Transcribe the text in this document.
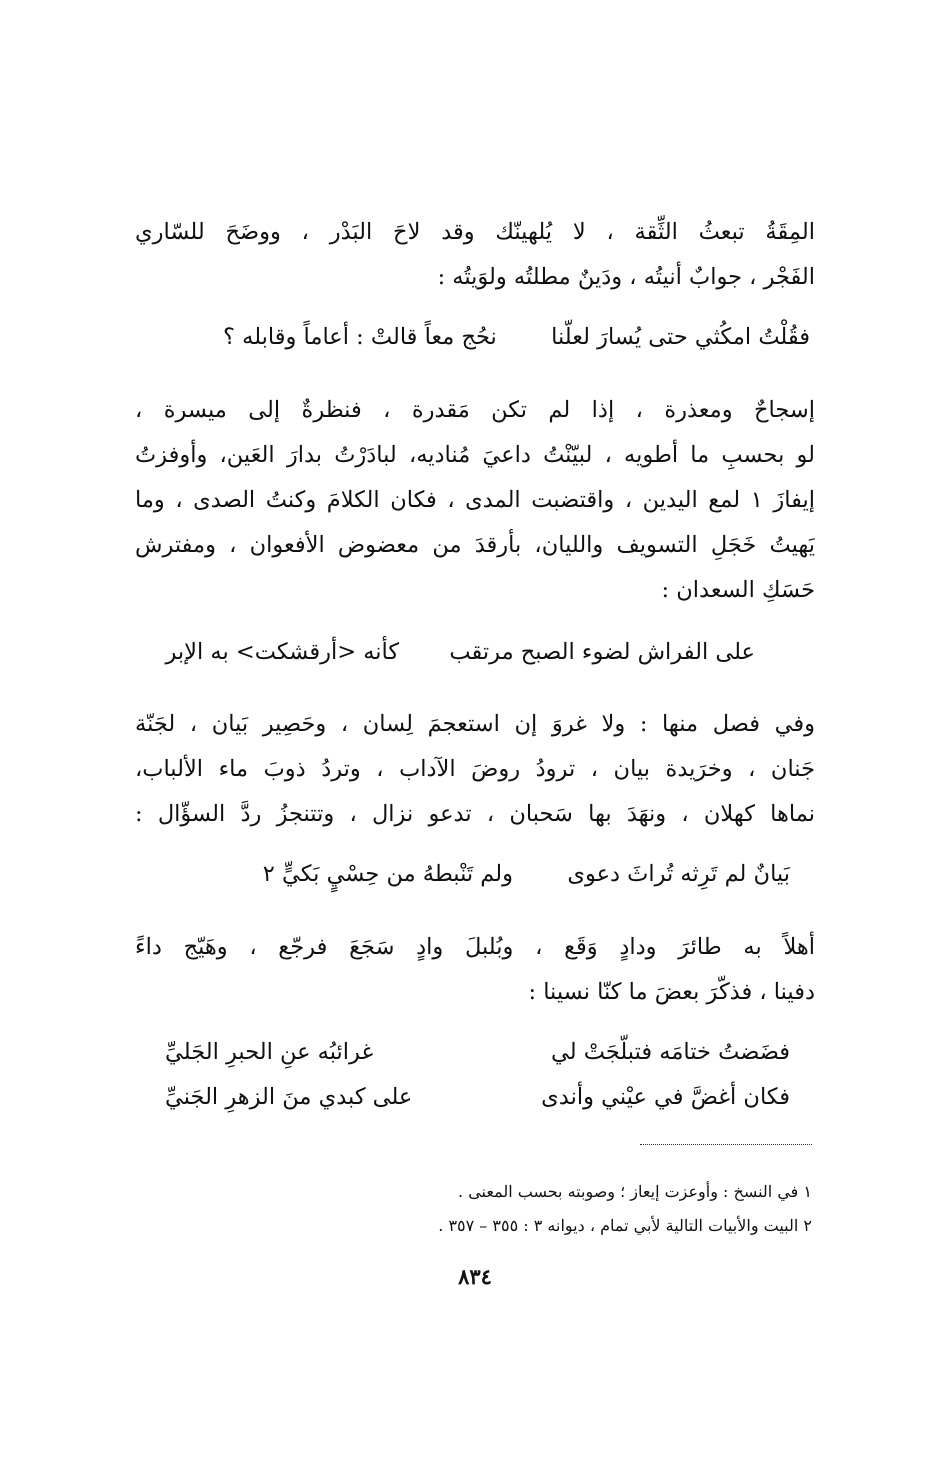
المِقَةُ تبعثُ الثِّقة ، لا يُلهينّك وقد لاحَ البَدْر ، ووضَحَ للسّاري
الفَجْر ، جوابٌ أنيتُه ، ودَينٌ مطلتُه ولوَيتُه :
فقُلْتُ امكُثي حتى يُسارَ لعلّنا  نحُج معاً قالتْ : أعاماً وقابله ؟
إسجاحٌ ومعذرة ، إذا لم تكن مَقدرة ، فنظرةٌ إلى ميسرة ،
لو بحسبِ ما أطويه ، لبيّنْتُ داعيَ مُناديه، لبادَرْتُ بدارَ العَين، وأوفزتُ
إيفازَ ١ لمع اليدين ، واقتضبت المدى ، فكان الكلامَ وكنتُ الصدى ، وما
يَهيتُ خَجَلِ التسويف والليان، بأرقدَ من معضوض الأفعوان ، ومفترش
حَسَكِ السعدان :
على الفراش لضوء الصبح مرتقب  كأنه <أرقشكت> به الإبر
وفي فصل منها : ولا غروَ إن استعجمَ لِسان ، وحَصِير بَيان ، لجَنّة
جَنان ، وخرَيدة بيان ، ترودُ روضَ الآداب ، وتردُ ذوبَ ماء الألباب،
نماها كهلان ، ونهَدَ بها سَحبان ، تدعو نزال ، وتتنجزُ ردَّ السؤّال :
بَيانٌ لم تَرِثه تُراثَ دعوى  ولم تَنْبطهُ من حِسْيٍ بَكيٍّ ٢
أهلاً به طائرَ ودادٍ وَقَع ، وبُلبلَ وادٍ سَجَعَ فرجّع ، وهَيّج داءً
دفينا ، فذكّرَ بعضَ ما كنّا نسينا :
فضَضتُ ختامَه فتبلّجَتْ لي
غرائبُه عنِ الحبرِ الجَليِّ
فكان أغضَّ في عيْني وأندى
على كبدي منَ الزهرِ الجَنيِّ
١ في النسخ : وأوعزت إيعاز ؛ وصوبته بحسب المعنى .
٢ البيت والأبيات التالية لأبي تمام ، ديوانه ٣ : ٣٥٥ – ٣٥٧ .
٨٣٤
